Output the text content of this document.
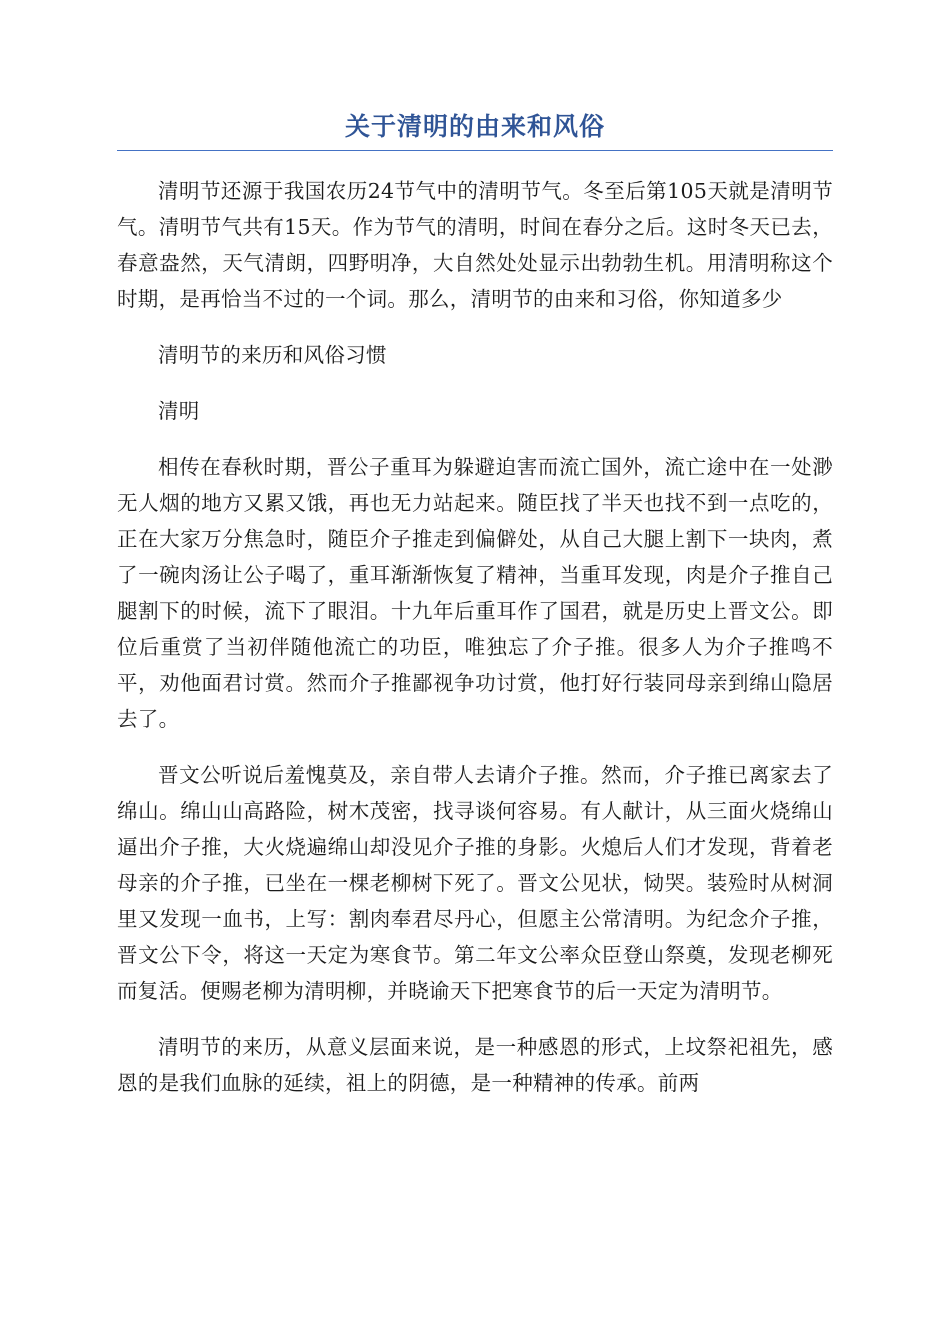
关于清明的由来和风俗

清明节还源于我国农历24节气中的清明节气。冬至后第105天就是清明节气。清明节气共有15天。作为节气的清明，时间在春分之后。这时冬天已去，春意盎然，天气清朗，四野明净，大自然处处显示出勃勃生机。用清明称这个时期，是再恰当不过的一个词。那么，清明节的由来和习俗，你知道多少

清明节的来历和风俗习惯

清明

相传在春秋时期，晋公子重耳为躲避迫害而流亡国外，流亡途中在一处渺无人烟的地方又累又饿，再也无力站起来。随臣找了半天也找不到一点吃的，正在大家万分焦急时，随臣介子推走到偏僻处，从自己大腿上割下一块肉，煮了一碗肉汤让公子喝了，重耳渐渐恢复了精神，当重耳发现，肉是介子推自己腿割下的时候，流下了眼泪。十九年后重耳作了国君，就是历史上晋文公。即位后重赏了当初伴随他流亡的功臣，唯独忘了介子推。很多人为介子推鸣不平，劝他面君讨赏。然而介子推鄙视争功讨赏，他打好行装同母亲到绵山隐居去了。

晋文公听说后羞愧莫及，亲自带人去请介子推。然而，介子推已离家去了绵山。绵山山高路险，树木茂密，找寻谈何容易。有人献计，从三面火烧绵山逼出介子推，大火烧遍绵山却没见介子推的身影。火熄后人们才发现，背着老母亲的介子推，已坐在一棵老柳树下死了。晋文公见状，恸哭。装殓时从树洞里又发现一血书，上写：割肉奉君尽丹心，但愿主公常清明。为纪念介子推，晋文公下令，将这一天定为寒食节。第二年文公率众臣登山祭奠，发现老柳死而复活。便赐老柳为清明柳，并晓谕天下把寒食节的后一天定为清明节。

清明节的来历，从意义层面来说，是一种感恩的形式，上坟祭祀祖先，感恩的是我们血脉的延续，祖上的阴德，是一种精神的传承。前两
